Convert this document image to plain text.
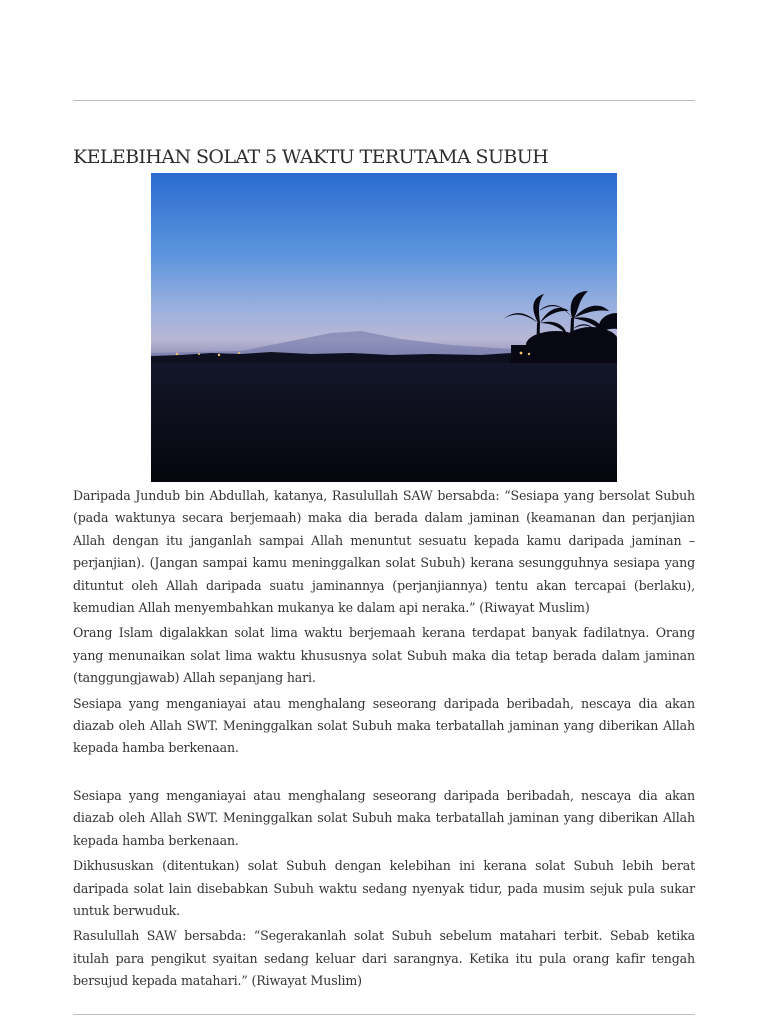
KELEBIHAN SOLAT 5 WAKTU TERUTAMA SUBUH

Daripada Jundub bin Abdullah, katanya, Rasulullah SAW bersabda: “Sesiapa yang bersolat Subuh (pada waktunya secara berjemaah) maka dia berada dalam jaminan (keamanan dan perjanjian Allah dengan itu janganlah sampai Allah menuntut sesuatu kepada kamu daripada jaminan – perjanjian). (Jangan sampai kamu meninggalkan solat Subuh) kerana sesungguhnya sesiapa yang dituntut oleh Allah daripada suatu jaminannya (perjanjiannya) tentu akan tercapai (berlaku), kemudian Allah menyembahkan mukanya ke dalam api neraka.” (Riwayat Muslim)

Orang Islam digalakkan solat lima waktu berjemaah kerana terdapat banyak fadilatnya. Orang yang menunaikan solat lima waktu khususnya solat Subuh maka dia tetap berada dalam jaminan (tanggungjawab) Allah sepanjang hari.

Sesiapa yang menganiayai atau menghalang seseorang daripada beribadah, nescaya dia akan diazab oleh Allah SWT. Meninggalkan solat Subuh maka terbatallah jaminan yang diberikan Allah kepada hamba berkenaan.

Sesiapa yang menganiayai atau menghalang seseorang daripada beribadah, nescaya dia akan diazab oleh Allah SWT. Meninggalkan solat Subuh maka terbatallah jaminan yang diberikan Allah kepada hamba berkenaan.

Dikhususkan (ditentukan) solat Subuh dengan kelebihan ini kerana solat Subuh lebih berat daripada solat lain disebabkan Subuh waktu sedang nyenyak tidur, pada musim sejuk pula sukar untuk berwuduk.

Rasulullah SAW bersabda: “Segerakanlah solat Subuh sebelum matahari terbit. Sebab ketika itulah para pengikut syaitan sedang keluar dari sarangnya. Ketika itu pula orang kafir tengah bersujud kepada matahari.” (Riwayat Muslim)
